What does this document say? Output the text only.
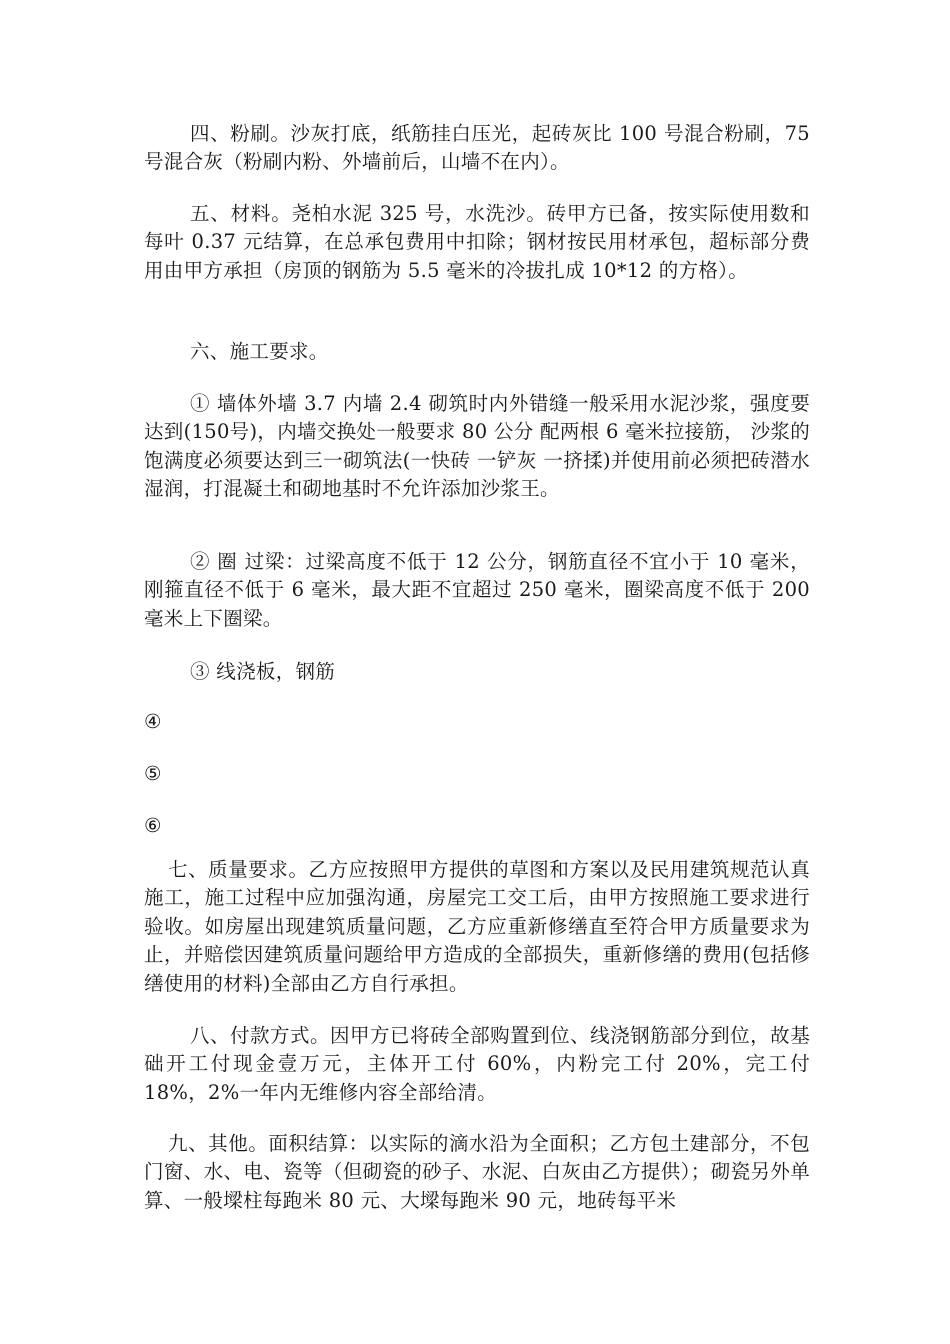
四、粉刷。沙灰打底，纸筋挂白压光，起砖灰比 100 号混合粉刷，75 号混合灰（粉刷内粉、外墙前后，山墙不在内）。

五、材料。尧柏水泥 325 号，水洗沙。砖甲方已备，按实际使用数和每叶 0.37 元结算，在总承包费用中扣除；钢材按民用材承包，超标部分费用由甲方承担（房顶的钢筋为 5.5 毫米的冷拔扎成 10*12 的方格）。

六、施工要求。

① 墙体外墙 3.7 内墙 2.4 砌筑时内外错缝一般采用水泥沙浆，强度要达到(150号)，内墙交换处一般要求 80 公分 配两根 6 毫米拉接筋， 沙浆的饱满度必须要达到三一砌筑法(一快砖 一铲灰 一挤揉)并使用前必须把砖潜水湿润，打混凝土和砌地基时不允许添加沙浆王。

② 圈 过梁：过梁高度不低于 12 公分，钢筋直径不宜小于 10 毫米，刚箍直径不低于 6 毫米，最大距不宜超过 250 毫米，圈梁高度不低于 200 毫米上下圈梁。

③ 线浇板，钢筋

④

⑤

⑥

七、质量要求。乙方应按照甲方提供的草图和方案以及民用建筑规范认真施工，施工过程中应加强沟通，房屋完工交工后，由甲方按照施工要求进行验收。如房屋出现建筑质量问题，乙方应重新修缮直至符合甲方质量要求为止，并赔偿因建筑质量问题给甲方造成的全部损失，重新修缮的费用(包括修缮使用的材料)全部由乙方自行承担。

八、付款方式。因甲方已将砖全部购置到位、线浇钢筋部分到位，故基础开工付现金壹万元，主体开工付 60%，内粉完工付 20%，完工付 18%，2%一年内无维修内容全部给清。

九、其他。面积结算：以实际的滴水沿为全面积；乙方包土建部分，不包门窗、水、电、瓷等（但砌瓷的砂子、水泥、白灰由乙方提供）；砌瓷另外单算、一般墚柱每跑米 80 元、大墚每跑米 90 元，地砖每平米
